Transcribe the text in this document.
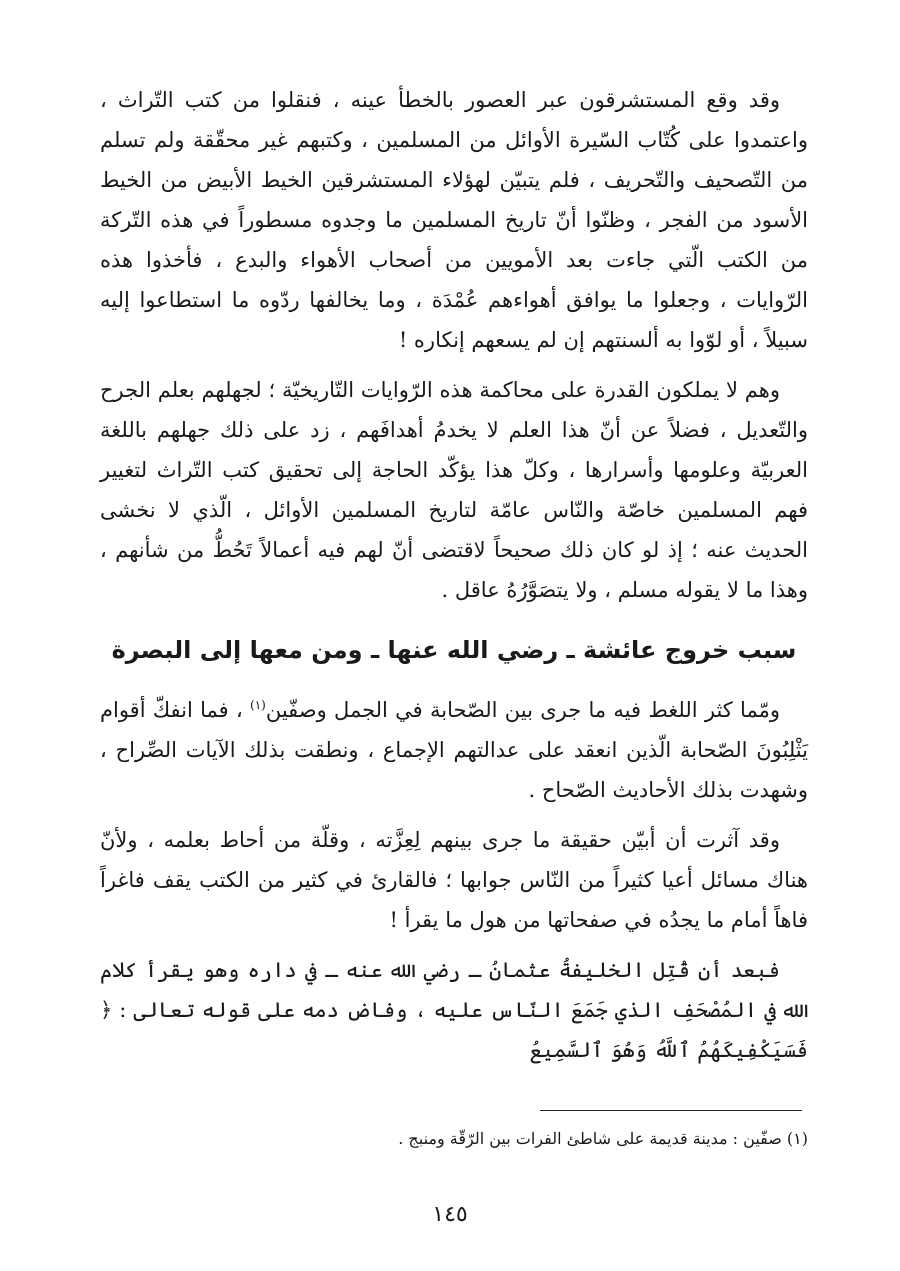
وقد وقع المستشرقون عبر العصور بالخطأ عينه ، فنقلوا من كتب التّراث ، واعتمدوا على كُتّاب السّيرة الأوائل من المسلمين ، وكتبهم غير محقّقة ولم تسلم من التّصحيف والتّحريف ، فلم يتبيّن لهؤلاء المستشرقين الخيط الأبيض من الخيط الأسود من الفجر ، وظنّوا أنّ تاريخ المسلمين ما وجدوه مسطوراً في هذه التّركة من الكتب الّتي جاءت بعد الأمويين من أصحاب الأهواء والبدع ، فأخذوا هذه الرّوايات ، وجعلوا ما يوافق أهواءهم عُمْدَة ، وما يخالفها ردّوه ما استطاعوا إليه سبيلاً ، أو لوّوا به ألسنتهم إن لم يسعهم إنكاره !

وهم لا يملكون القدرة على محاكمة هذه الرّوايات التّاريخيّة ؛ لجهلهم بعلم الجرح والتّعديل ، فضلاً عن أنّ هذا العلم لا يخدمُ أهدافَهم ، زد على ذلك جهلهم باللغة العربيّة وعلومها وأسرارها ، وكلّ هذا يؤكّد الحاجة إلى تحقيق كتب التّراث لتغيير فهم المسلمين خاصّة والنّاس عامّة لتاريخ المسلمين الأوائل ، الّذي لا نخشى الحديث عنه ؛ إذ لو كان ذلك صحيحاً لاقتضى أنّ لهم فيه أعمالاً تَحُطُّ من شأنهم ، وهذا ما لا يقوله مسلم ، ولا يتصَوَّرُهُ عاقل .

سبب خروج عائشة ـ رضي الله عنها ـ ومن معها إلى البصرة

ومّما كثر اللغط فيه ما جرى بين الصّحابة في الجمل وصفّين$^{(١)}$ ، فما انفكّ أقوام يَثْلِبُونَ الصّحابة الّذين انعقد على عدالتهم الإجماع ، ونطقت بذلك الآيات الصِّراح ، وشهدت بذلك الأحاديث الصّحاح .

وقد آثرت أن أبيّن حقيقة ما جرى بينهم لِعِزَّته ، وقلّة من أحاط بعلمه ، ولأنّ هناك مسائل أعيا كثيراً من النّاس جوابها ؛ فالقارئ في كثير من الكتب يقف فاغراً فاهاً أمام ما يجدُه في صفحاتها من هول ما يقرأ !

فبعد أن قُتِل الخليفةُ عثمانُ ـ رضي الله عنه ـ في داره وهو يقرأ كلام الله في المُصْحَفِ الذي جَمَعَ النّاس عليه ، وفاض دمه على قوله تعالى : ﴿ فَسَيَكْفِيكَهُمُ ٱللَّهُ وَهُوَ ٱلسَّمِيعُ

(١) صفّين : مدينة قديمة على شاطئ الفرات بين الرّقّة ومنبج .

١٤٥
